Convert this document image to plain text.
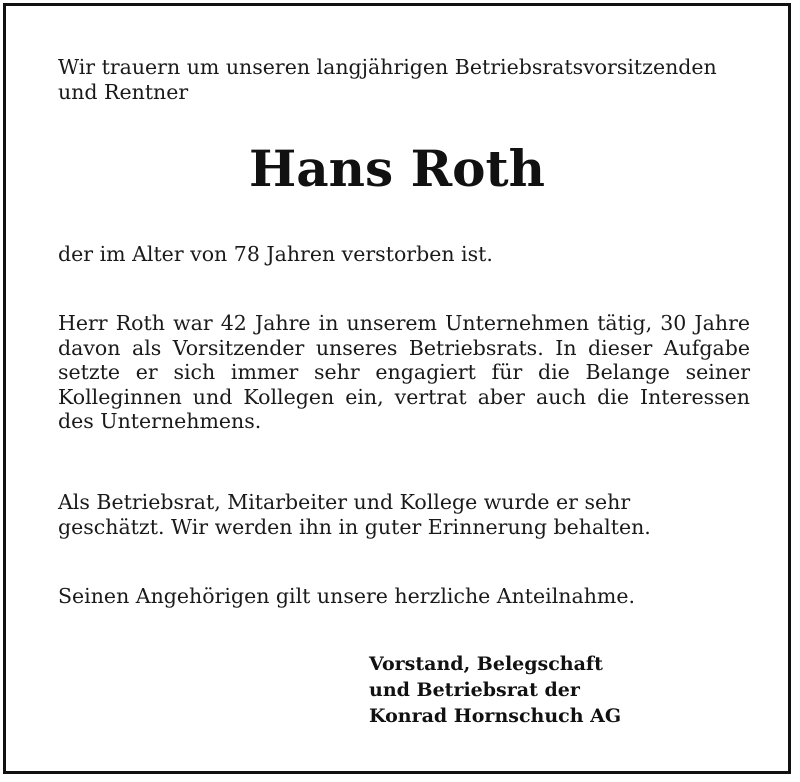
Wir trauern um unseren langjährigen Betriebsratsvorsitzenden
und Rentner

Hans Roth

der im Alter von 78 Jahren verstorben ist.

Herr Roth war 42 Jahre in unserem Unternehmen tätig, 30 Jahre
davon als Vorsitzender unseres Betriebsrats. In dieser Aufgabe
setzte er sich immer sehr engagiert für die Belange seiner
Kolleginnen und Kollegen ein, vertrat aber auch die Interessen
des Unternehmens.

Als Betriebsrat, Mitarbeiter und Kollege wurde er sehr
geschätzt. Wir werden ihn in guter Erinnerung behalten.

Seinen Angehörigen gilt unsere herzliche Anteilnahme.

Vorstand, Belegschaft
und Betriebsrat der
Konrad Hornschuch AG
